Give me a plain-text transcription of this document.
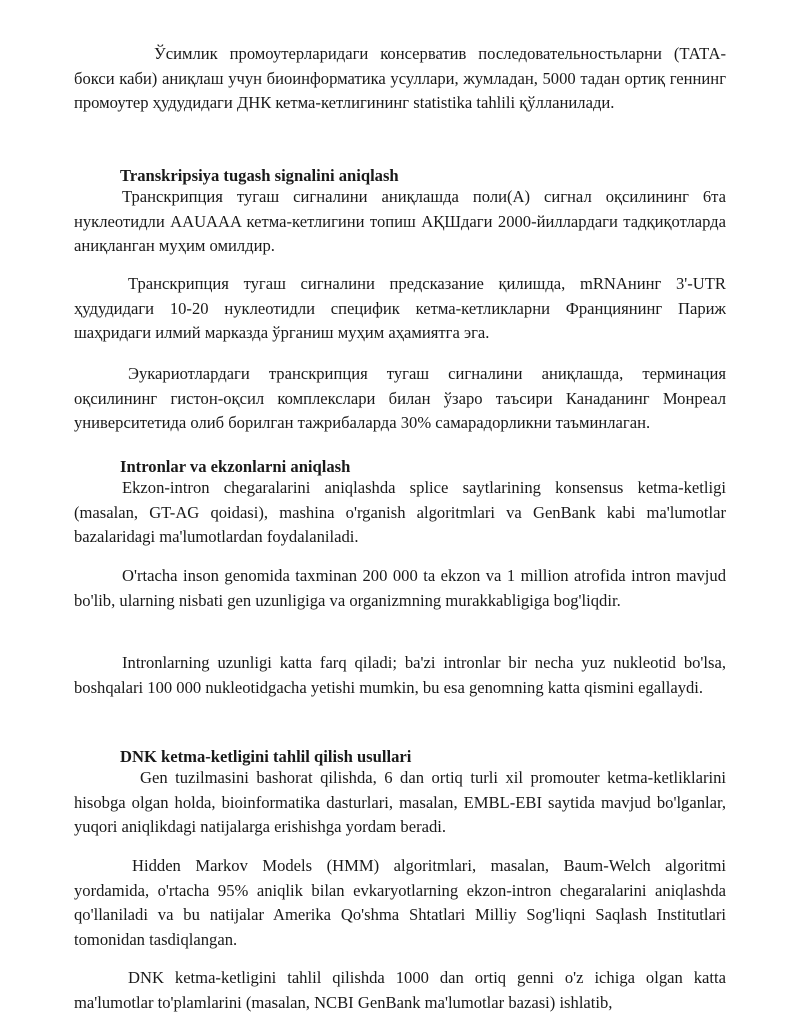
Ўсимлик промоутерларидаги консерватив последовательностьларни (ТАТА-бокси каби) аниқлаш учун биоинформатика усуллари, жумладан, 5000 тадан ортиқ геннинг промоутер ҳудудидаги ДНК кетма-кетлигининг statistika tahlili қўлланилади.

Transkripsiya tugash signalini aniqlash

Транскрипция тугаш сигналини аниқлашда поли(А) сигнал оқсилининг 6та нуклеотидли AAUAAA кетма-кетлигини топиш АҚШдаги 2000-йиллардаги тадқиқотларда аниқланган муҳим омилдир.

Транскрипция тугаш сигналини предсказание қилишда, mRNAнинг 3'-UTR ҳудудидаги 10-20 нуклеотидли специфик кетма-кетликларни Франциянинг Париж шаҳридаги илмий марказда ўрганиш муҳим аҳамиятга эга.

Эукариотлардаги транскрипция тугаш сигналини аниқлашда, терминация оқсилининг гистон-оқсил комплекслари билан ўзаро таъсири Канаданинг Монреал университетида олиб борилган тажрибаларда 30% самарадорликни таъминлаган.

Intronlar va ekzonlarni aniqlash

Ekzon-intron chegaralarini aniqlashda splice saytlarining konsensus ketma-ketligi (masalan, GT-AG qoidasi), mashina o'rganish algoritmlari va GenBank kabi ma'lumotlar bazalaridagi ma'lumotlardan foydalaniladi.

O'rtacha inson genomida taxminan 200 000 ta ekzon va 1 million atrofida intron mavjud bo'lib, ularning nisbati gen uzunligiga va organizmning murakkabligiga bog'liqdir.

Intronlarning uzunligi katta farq qiladi; ba'zi intronlar bir necha yuz nukleotid bo'lsa, boshqalari 100 000 nukleotidgacha yetishi mumkin, bu esa genomning katta qismini egallaydi.

DNK ketma-ketligini tahlil qilish usullari

Gen tuzilmasini bashorat qilishda, 6 dan ortiq turli xil promouter ketma-ketliklarini hisobga olgan holda, bioinformatika dasturlari, masalan, EMBL-EBI saytida mavjud bo'lganlar, yuqori aniqlikdagi natijalarga erishishga yordam beradi.

Hidden Markov Models (HMM) algoritmlari, masalan, Baum-Welch algoritmi yordamida, o'rtacha 95% aniqlik bilan evkaryotlarning ekzon-intron chegaralarini aniqlashda qo'llaniladi va bu natijalar Amerika Qo'shma Shtatlari Milliy Sog'liqni Saqlash Institutlari tomonidan tasdiqlangan.

DNK ketma-ketligini tahlil qilishda 1000 dan ortiq genni o'z ichiga olgan katta ma'lumotlar to'plamlarini (masalan, NCBI GenBank ma'lumotlar bazasi) ishlatib,
